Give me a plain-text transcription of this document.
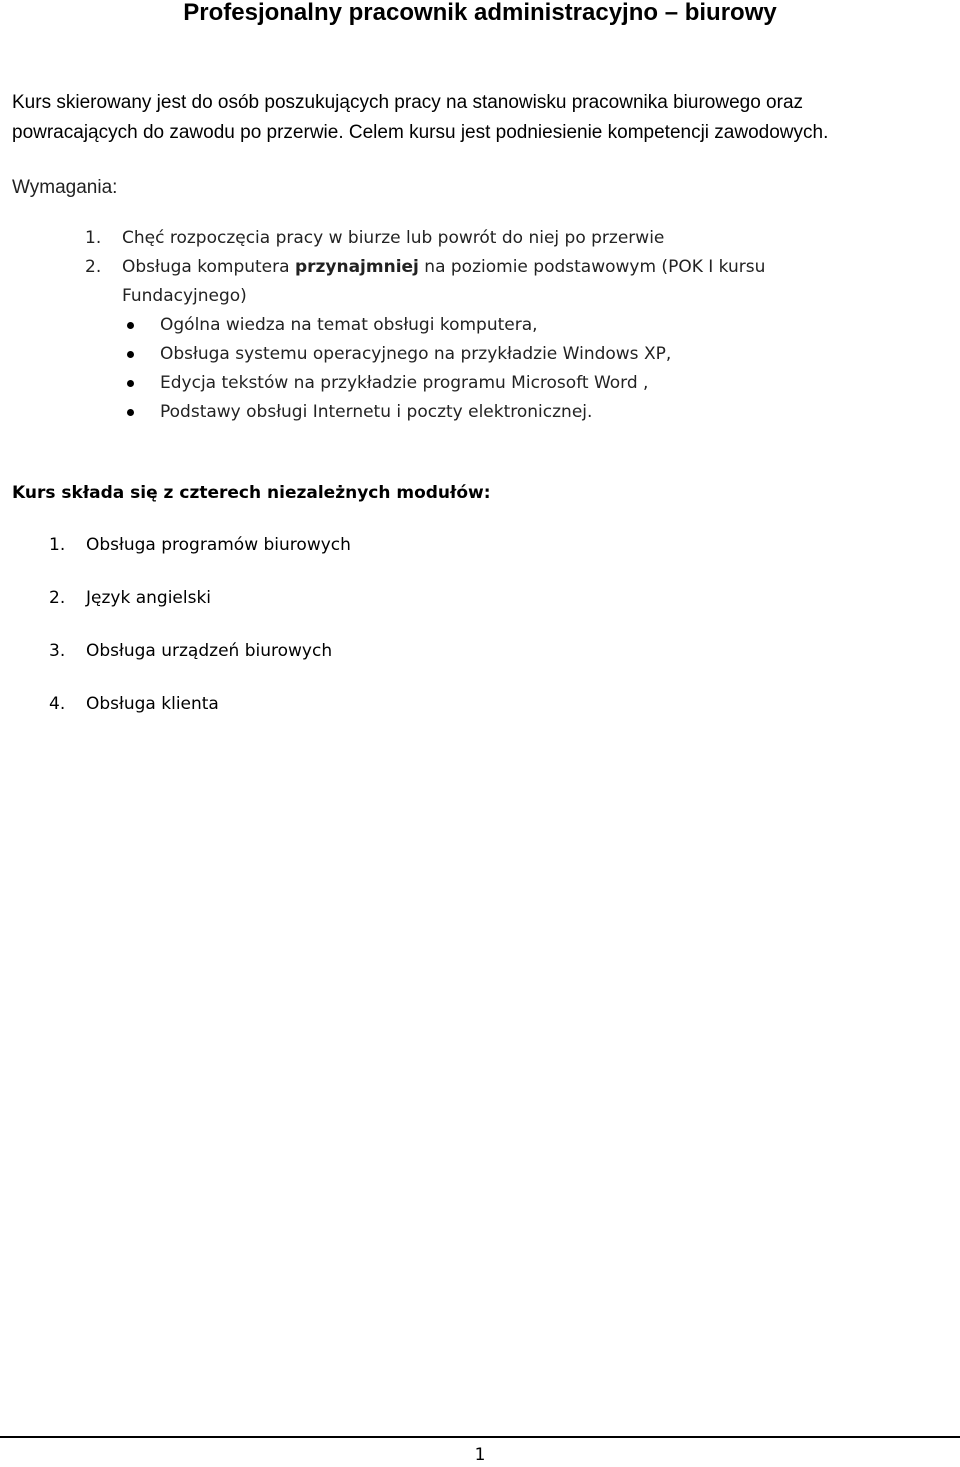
Profesjonalny pracownik administracyjno – biurowy
Kurs skierowany jest do osób poszukujących pracy na stanowisku pracownika biurowego oraz
powracających do zawodu po przerwie. Celem kursu jest podniesienie kompetencji zawodowych.
Wymagania:
1. Chęć rozpoczęcia pracy w biurze lub powrót do niej po przerwie
2. Obsługa komputera przynajmniej na poziomie podstawowym (POK I kursu
Fundacyjnego)
Ogólna wiedza na temat obsługi komputera,
Obsługa systemu operacyjnego na przykładzie Windows XP,
Edycja tekstów na przykładzie programu Microsoft Word ,
Podstawy obsługi Internetu i poczty elektronicznej.
Kurs składa się z czterech niezależnych modułów:
1. Obsługa programów biurowych
2. Język angielski
3. Obsługa urządzeń biurowych
4. Obsługa klienta
1
